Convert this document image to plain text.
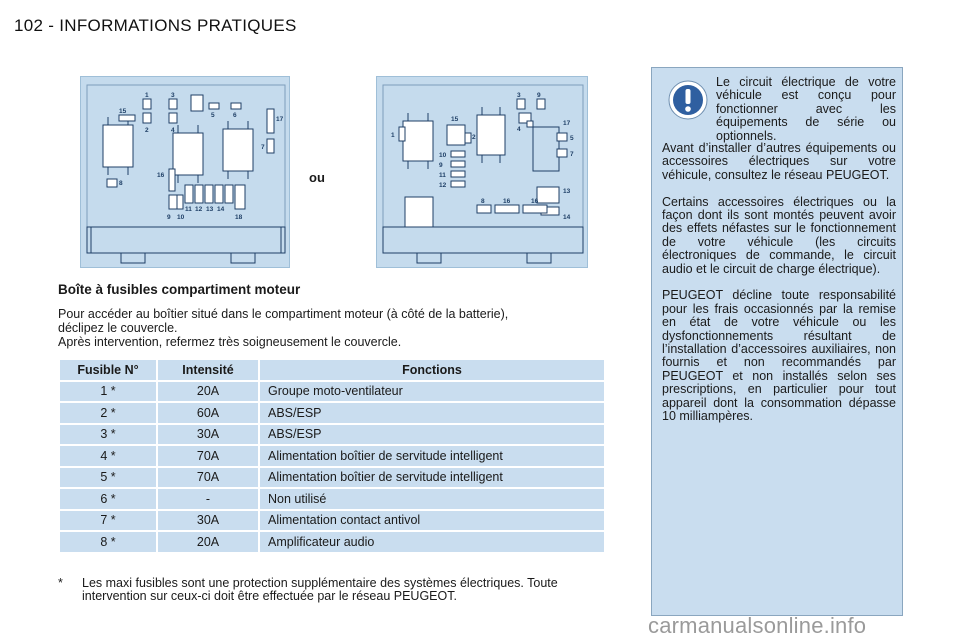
102 - INFORMATIONS PRATIQUES
1	3
2	4
5	6
15
17
7
16
8
11 12 13 14
9 10	18
ou
3	9
1
15
2
4
17
5
7
10
9
11
12
13
8	16	16
14
Boîte à fusibles compartiment moteur

Pour accéder au boîtier situé dans le compartiment moteur (à côté de la batterie),

déclipez le couvercle.

Après intervention, refermez très soigneusement le couvercle.

Fusible N°	Intensité	Fonctions
1 *	20A	Groupe moto-ventilateur
2 *	60A	ABS/ESP
3 *	30A	ABS/ESP
4 *	70A	Alimentation boîtier de servitude intelligent
5 *	70A	Alimentation boîtier de servitude intelligent
6 *	-	Non utilisé
7 *	30A	Alimentation contact antivol
8 *	20A	Amplificateur audio
* Les maxi fusibles sont une protection supplémentaire des systèmes électriques. Toute intervention sur ceux-ci doit être effectuée par le réseau PEUGEOT.
Le circuit électrique de votre véhicule est conçu pour fonctionner avec les équipements de série ou optionnels.

Avant d’installer d’autres équipements ou accessoires électriques sur votre véhicule, consultez le réseau PEUGEOT.

Certains accessoires électriques ou la façon dont ils sont montés peuvent avoir des effets néfastes sur le fonctionnement de votre véhicule (les circuits électroniques de commande, le circuit audio et le circuit de charge électrique).

PEUGEOT décline toute responsabilité pour les frais occasionnés par la remise en état de votre véhicule ou les dysfonctionnements résultant de l’installation d’accessoires auxiliaires, non fournis et non recommandés par PEUGEOT et non installés selon ses prescriptions, en particulier pour tout appareil dont la consommation dépasse 10 milliampères.

carmanualsonline.info
